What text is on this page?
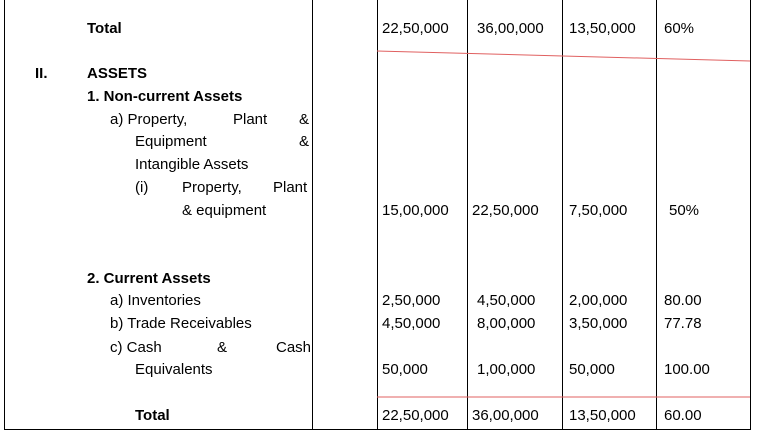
Total	22,50,000 36,00,000 13,50,000 60%
II.	ASSETS
1. Non-current Assets
a) Property,	Plant &
Equipment	&
Intangible Assets
(i) Property, Plant
& equipment	15,00,000 22,50,000 7,50,000	50%
2. Current Assets
a) Inventories	2,50,000 4,50,000 2,00,000 80.00
b) Trade Receivables	4,50,000 8,00,000 3,50,000 77.78
c) Cash	&	Cash
Equivalents	50,000	1,00,000 50,000	100.00
Total	22,50,000 36,00,000 13,50,000 60.00
